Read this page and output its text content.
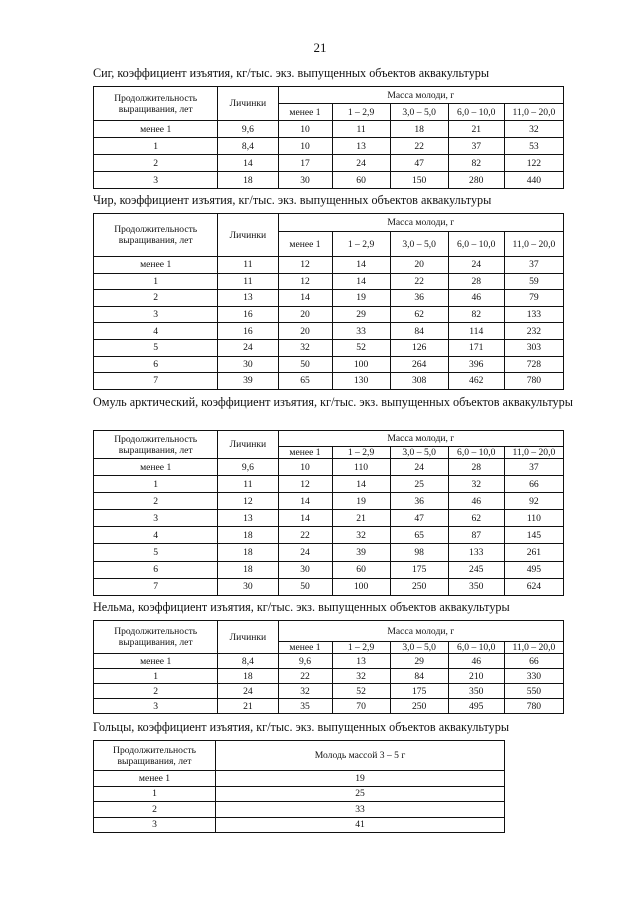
21
Сиг, коэффициент изъятия, кг/тыс. экз. выпущенных объектов аквакультуры
Продолжительность выращивания, лет	Личинки	Масса молоди, г				
		менее 1	1 – 2,9	3,0 – 5,0	6,0 – 10,0	11,0 – 20,0
менее 1	9,6	10	11	18	21	32
1	8,4	10	13	22	37	53
2	14	17	24	47	82	122
3	18	30	60	150	280	440
Чир, коэффициент изъятия, кг/тыс. экз. выпущенных объектов аквакультуры
Продолжительность выращивания, лет	Личинки	Масса молоди, г				
		менее 1	1 – 2,9	3,0 – 5,0	6,0 – 10,0	11,0 – 20,0
менее 1	11	12	14	20	24	37
1	11	12	14	22	28	59
2	13	14	19	36	46	79
3	16	20	29	62	82	133
4	16	20	33	84	114	232
5	24	32	52	126	171	303
6	30	50	100	264	396	728
7	39	65	130	308	462	780
Омуль арктический, коэффициент изъятия, кг/тыс. экз. выпущенных объектов аквакультуры
Продолжительность выращивания, лет	Личинки	Масса молоди, г				
		менее 1	1 – 2,9	3,0 – 5,0	6,0 – 10,0	11,0 – 20,0
менее 1	9,6	10	110	24	28	37
1	11	12	14	25	32	66
2	12	14	19	36	46	92
3	13	14	21	47	62	110
4	18	22	32	65	87	145
5	18	24	39	98	133	261
6	18	30	60	175	245	495
7	30	50	100	250	350	624
Нельма, коэффициент изъятия, кг/тыс. экз. выпущенных объектов аквакультуры
Продолжительность выращивания, лет	Личинки	Масса молоди, г				
		менее 1	1 – 2,9	3,0 – 5,0	6,0 – 10,0	11,0 – 20,0
менее 1	8,4	9,6	13	29	46	66
1	18	22	32	84	210	330
2	24	32	52	175	350	550
3	21	35	70	250	495	780
Гольцы, коэффициент изъятия, кг/тыс. экз. выпущенных объектов аквакультуры
Продолжительность выращивания, лет	Молодь массой 3 – 5 г
менее 1	19
1	25
2	33
3	41
